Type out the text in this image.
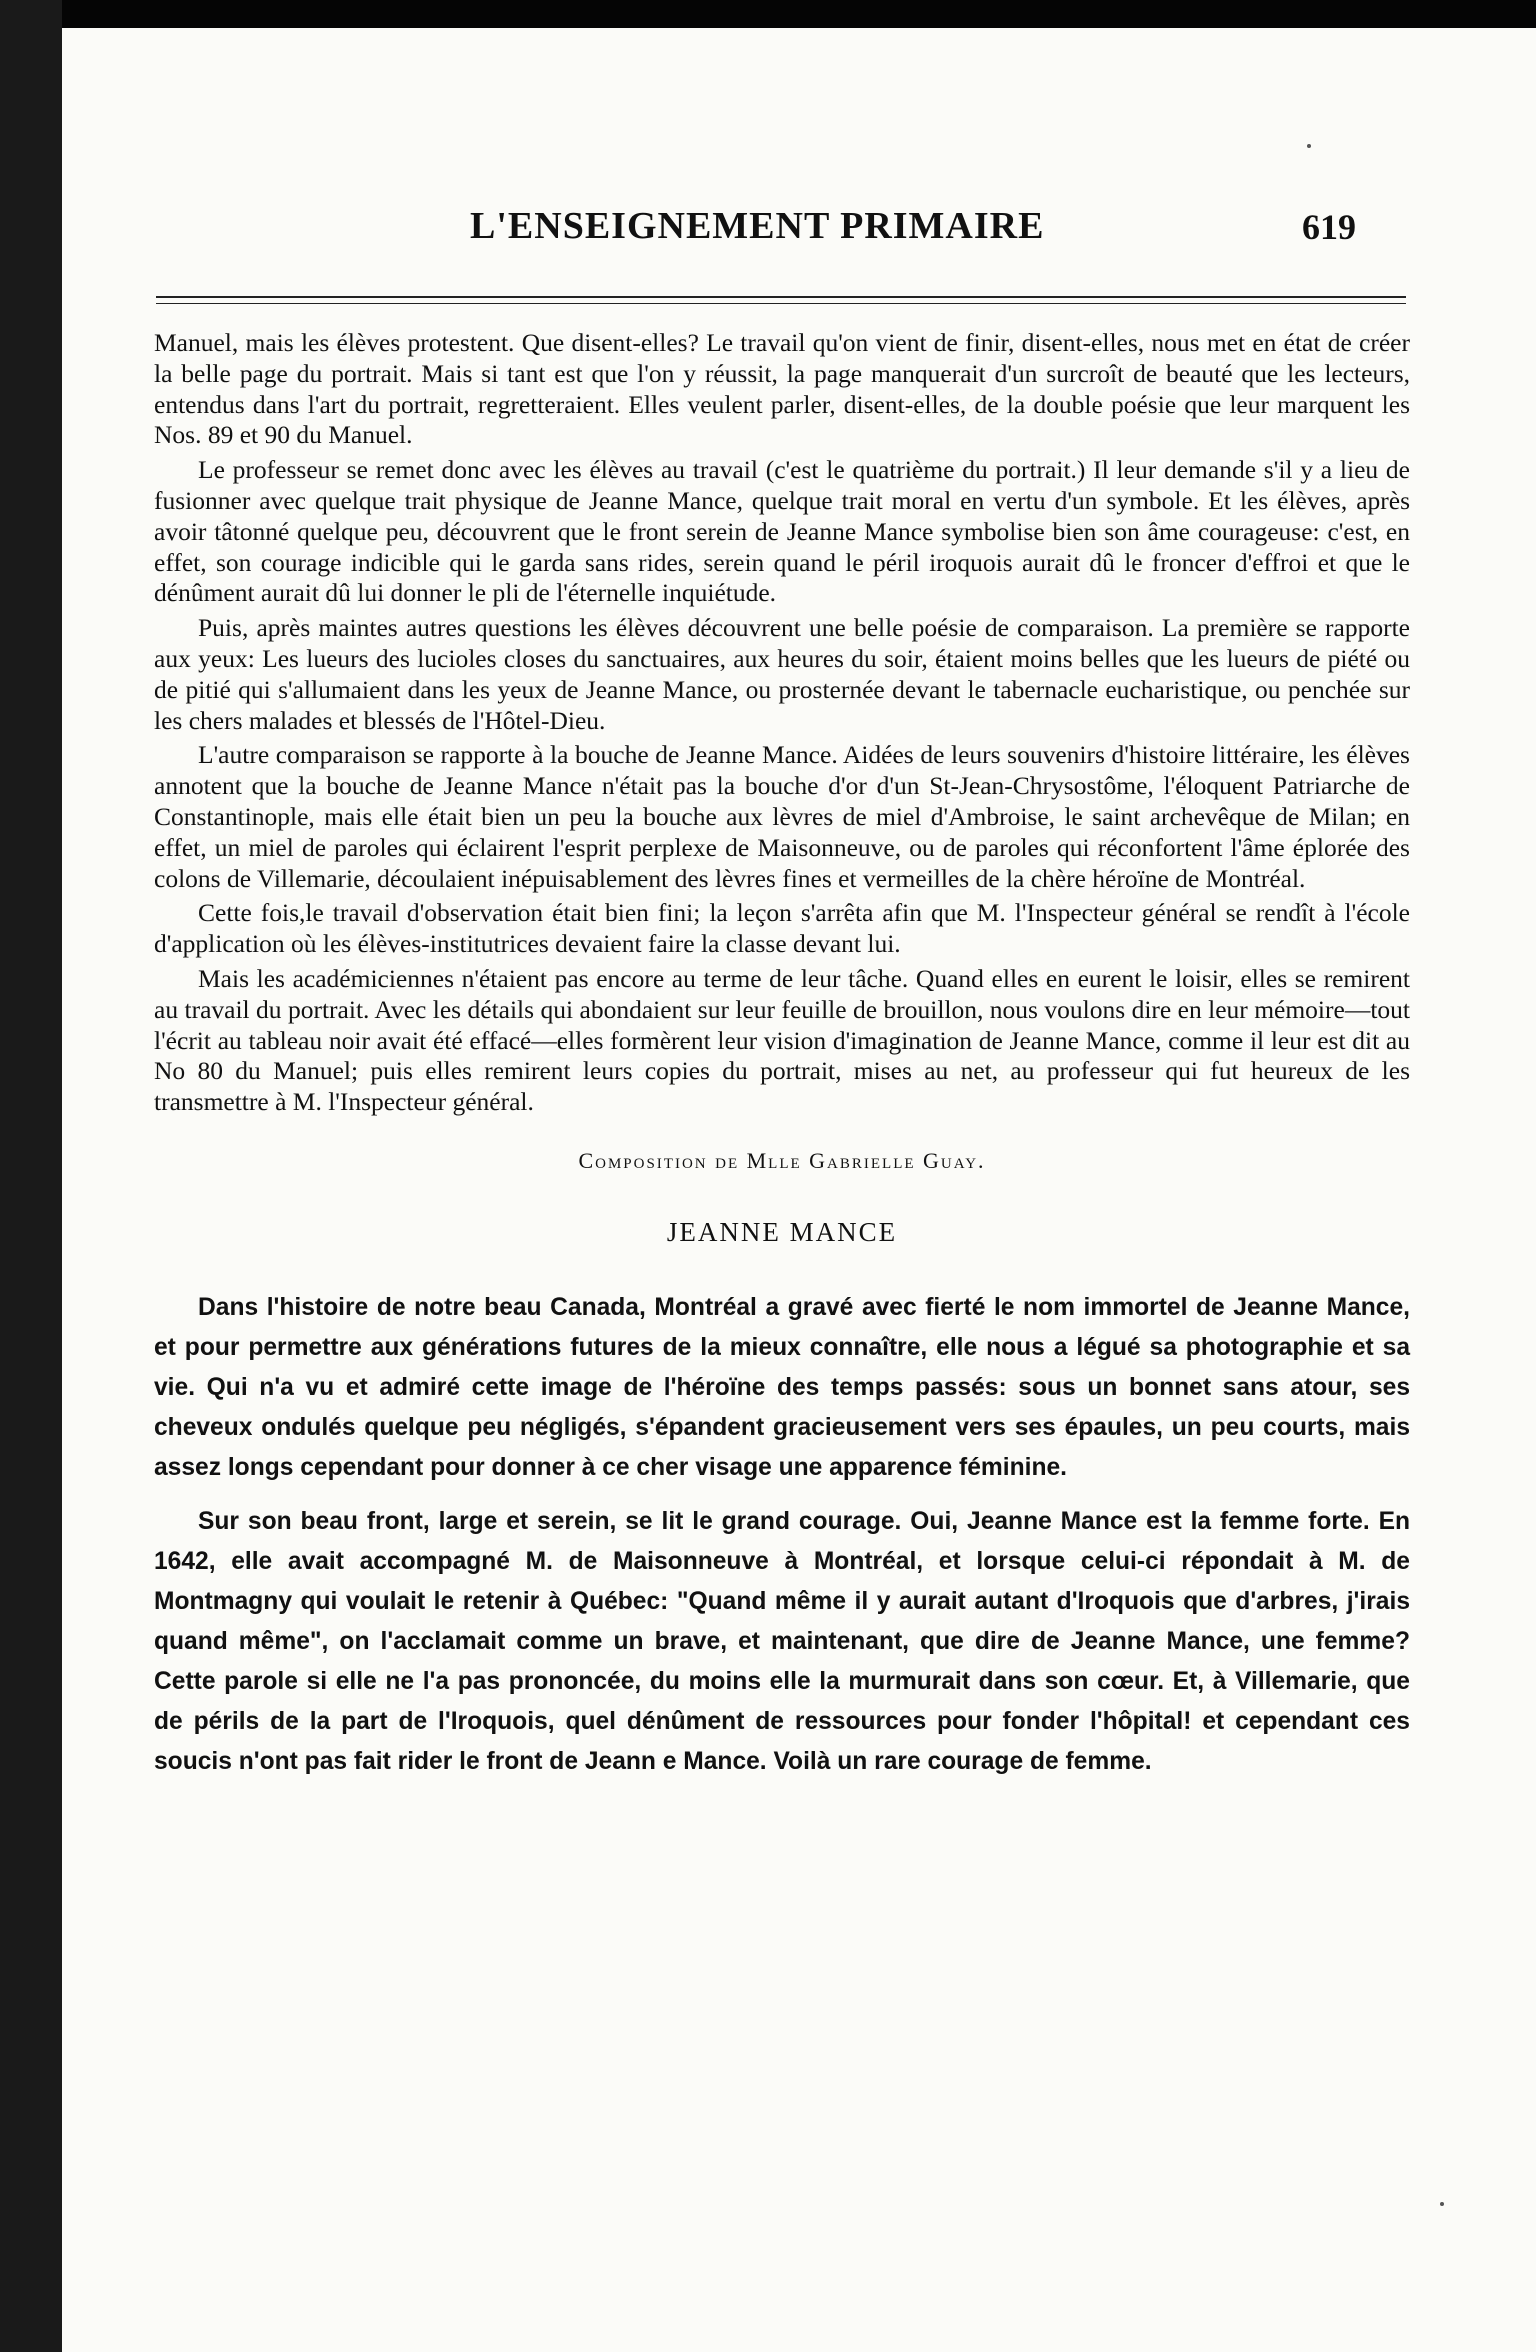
L'ENSEIGNEMENT PRIMAIRE	619

Manuel, mais les élèves protestent. Que disent-elles? Le travail qu'on vient de finir, disent-elles, nous met en état de créer la belle page du portrait. Mais si tant est que l'on y réussit, la page manquerait d'un surcroît de beauté que les lecteurs, entendus dans l'art du portrait, regretteraient. Elles veulent parler, disent-elles, de la double poésie que leur marquent les Nos. 89 et 90 du Manuel.

Le professeur se remet donc avec les élèves au travail (c'est le quatrième du portrait.) Il leur demande s'il y a lieu de fusionner avec quelque trait physique de Jeanne Mance, quelque trait moral en vertu d'un symbole. Et les élèves, après avoir tâtonné quelque peu, découvrent que le front serein de Jeanne Mance symbolise bien son âme courageuse: c'est, en effet, son courage indicible qui le garda sans rides, serein quand le péril iroquois aurait dû le froncer d'effroi et que le dénûment aurait dû lui donner le pli de l'éternelle inquiétude.

Puis, après maintes autres questions les élèves découvrent une belle poésie de comparaison. La première se rapporte aux yeux: Les lueurs des lucioles closes du sanctuaires, aux heures du soir, étaient moins belles que les lueurs de piété ou de pitié qui s'allumaient dans les yeux de Jeanne Mance, ou prosternée devant le tabernacle eucharistique, ou penchée sur les chers malades et blessés de l'Hôtel-Dieu.

L'autre comparaison se rapporte à la bouche de Jeanne Mance. Aidées de leurs souvenirs d'histoire littéraire, les élèves annotent que la bouche de Jeanne Mance n'était pas la bouche d'or d'un St-Jean-Chrysostôme, l'éloquent Patriarche de Constantinople, mais elle était bien un peu la bouche aux lèvres de miel d'Ambroise, le saint archevêque de Milan; en effet, un miel de paroles qui éclairent l'esprit perplexe de Maisonneuve, ou de paroles qui réconfortent l'âme éplorée des colons de Villemarie, découlaient inépuisablement des lèvres fines et vermeilles de la chère héroïne de Montréal.

Cette fois,le travail d'observation était bien fini; la leçon s'arrêta afin que M. l'Inspecteur général se rendît à l'école d'application où les élèves-institutrices devaient faire la classe devant lui.

Mais les académiciennes n'étaient pas encore au terme de leur tâche. Quand elles en eurent le loisir, elles se remirent au travail du portrait. Avec les détails qui abondaient sur leur feuille de brouillon, nous voulons dire en leur mémoire—tout l'écrit au tableau noir avait été effacé—elles formèrent leur vision d'imagination de Jeanne Mance, comme il leur est dit au No 80 du Manuel; puis elles remirent leurs copies du portrait, mises au net, au professeur qui fut heureux de les transmettre à M. l'Inspecteur général.

Composition de Mlle Gabrielle Guay.
JEANNE MANCE

Dans l'histoire de notre beau Canada, Montréal a gravé avec fierté le nom immortel de Jeanne Mance, et pour permettre aux générations futures de la mieux connaître, elle nous a légué sa photographie et sa vie. Qui n'a vu et admiré cette image de l'héroïne des temps passés: sous un bonnet sans atour, ses cheveux ondulés quelque peu négligés, s'épandent gracieusement vers ses épaules, un peu courts, mais assez longs cependant pour donner à ce cher visage une apparence féminine.

Sur son beau front, large et serein, se lit le grand courage. Oui, Jeanne Mance est la femme forte. En 1642, elle avait accompagné M. de Maisonneuve à Montréal, et lorsque celui-ci répondait à M. de Montmagny qui voulait le retenir à Québec: "Quand même il y aurait autant d'Iroquois que d'arbres, j'irais quand même", on l'acclamait comme un brave, et maintenant, que dire de Jeanne Mance, une femme? Cette parole si elle ne l'a pas prononcée, du moins elle la murmurait dans son cœur. Et, à Villemarie, que de périls de la part de l'Iroquois, quel dénûment de ressources pour fonder l'hôpital! et cependant ces soucis n'ont pas fait rider le front de Jeann e Mance. Voilà un rare courage de femme.
